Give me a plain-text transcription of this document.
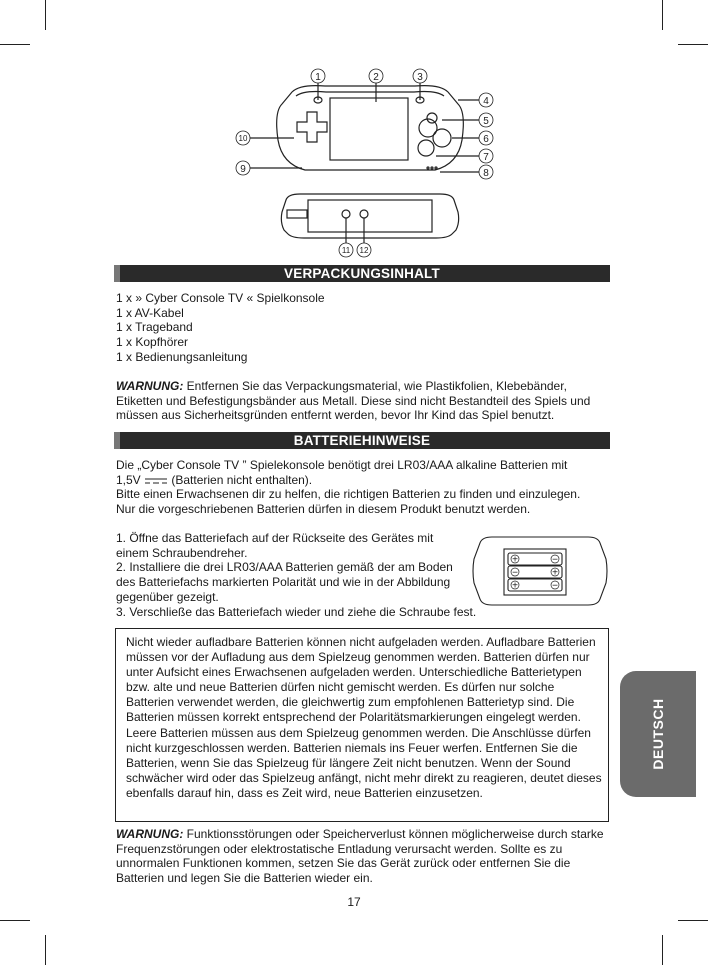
1	2	3
4
5
6
7
8
10
9
11 12
VERPACKUNGSINHALT

1 x » Cyber Console TV « Spielkonsole

1 x AV-Kabel

1 x Trageband

1 x Kopfhörer

1 x Bedienungsanleitung

WARNUNG: Entfernen Sie das Verpackungsmaterial, wie Plastikfolien, Klebebänder, Etiketten und Befestigungsbänder aus Metall. Diese sind nicht Bestandteil des Spiels und müssen aus Sicherheitsgründen entfernt werden, bevor Ihr Kind das Spiel benutzt.

BATTERIEHINWEISE

Die „Cyber Console TV ” Spielekonsole benötigt drei LR03/AAA alkaline Batterien mit

1,5V	(Batterien nicht enthalten).

Bitte einen Erwachsenen dir zu helfen, die richtigen Batterien zu finden und einzulegen.

Nur die vorgeschriebenen Batterien dürfen in diesem Produkt benutzt werden.

1. Öffne das Batteriefach auf der Rückseite des Gerätes mit einem Schraubendreher.

2. Installiere die drei LR03/AAA Batterien gemäß der am Boden des Batteriefachs markierten Polarität und wie in der Abbildung gegenüber gezeigt.

3. Verschließe das Batteriefach wieder und ziehe die Schraube fest.

+	−
−	+
+	−

Nicht wieder aufladbare Batterien können nicht aufgeladen werden. Aufladbare Batterien müssen vor der Aufladung aus dem Spielzeug genommen werden. Batterien dürfen nur unter Aufsicht eines Erwachsenen aufgeladen werden. Unterschiedliche Batterietypen bzw. alte und neue Batterien dürfen nicht gemischt werden. Es dürfen nur solche Batterien verwendet werden, die gleichwertig zum empfohlenen Batterietyp sind. Die Batterien müssen korrekt entsprechend der Polaritätsmarkierungen eingelegt werden. Leere Batterien müssen aus dem Spielzeug genommen werden. Die Anschlüsse dürfen nicht kurzgeschlossen werden. Batterien niemals ins Feuer werfen. Entfernen Sie die Batterien, wenn Sie das Spielzeug für längere Zeit nicht benutzen. Wenn der Sound schwächer wird oder das Spielzeug anfängt, nicht mehr direkt zu reagieren, deutet dieses ebenfalls darauf hin, dass es Zeit wird, neue Batterien einzusetzen.

WARNUNG: Funktionsstörungen oder Speicherverlust können möglicherweise durch starke Frequenzstörungen oder elektrostatische Entladung verursacht werden. Sollte es zu unnormalen Funktionen kommen, setzen Sie das Gerät zurück oder entfernen Sie die Batterien und legen Sie die Batterien wieder ein.

DEUTSCH
17
